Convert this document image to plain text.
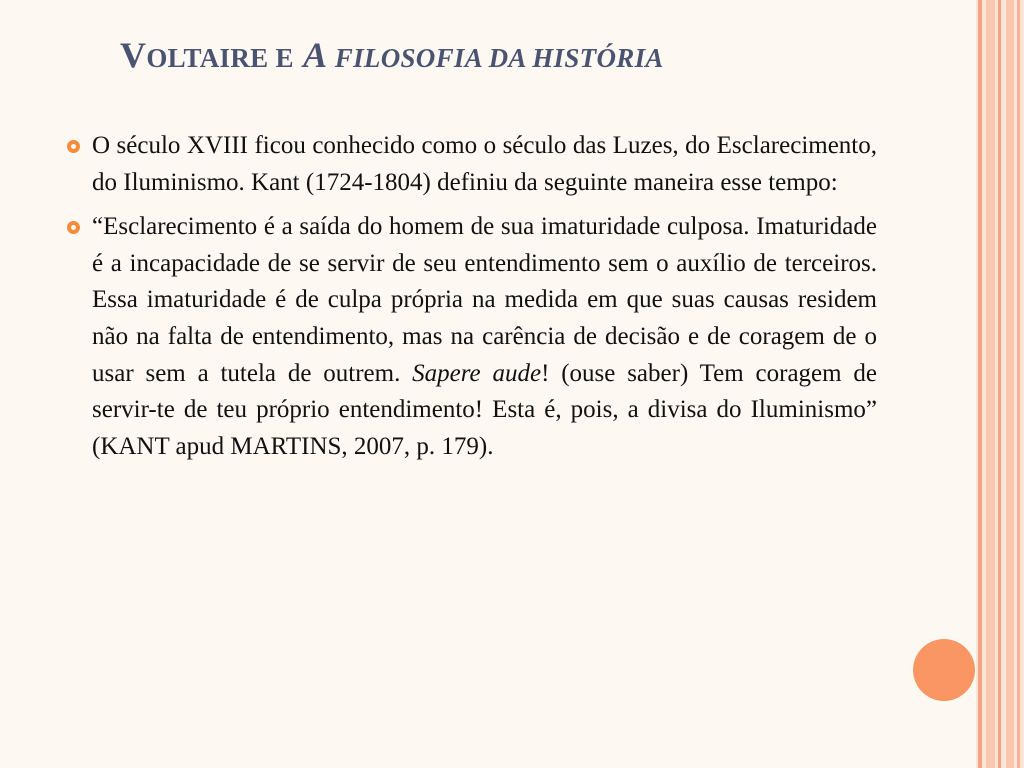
VOLTAIRE E A FILOSOFIA DA HISTÓRIA

O século XVIII ficou conhecido como o século das Luzes, do Esclarecimento, do Iluminismo. Kant (1724-1804) definiu da seguinte maneira esse tempo:

“Esclarecimento é a saída do homem de sua imaturidade culposa. Imaturidade é a incapacidade de se servir de seu entendimento sem o auxílio de terceiros. Essa imaturidade é de culpa própria na medida em que suas causas residem não na falta de entendimento, mas na carência de decisão e de coragem de o usar sem a tutela de outrem. Sapere aude! (ouse saber) Tem coragem de servir-te de teu próprio entendimento! Esta é, pois, a divisa do Iluminismo” (KANT apud MARTINS, 2007, p. 179).
